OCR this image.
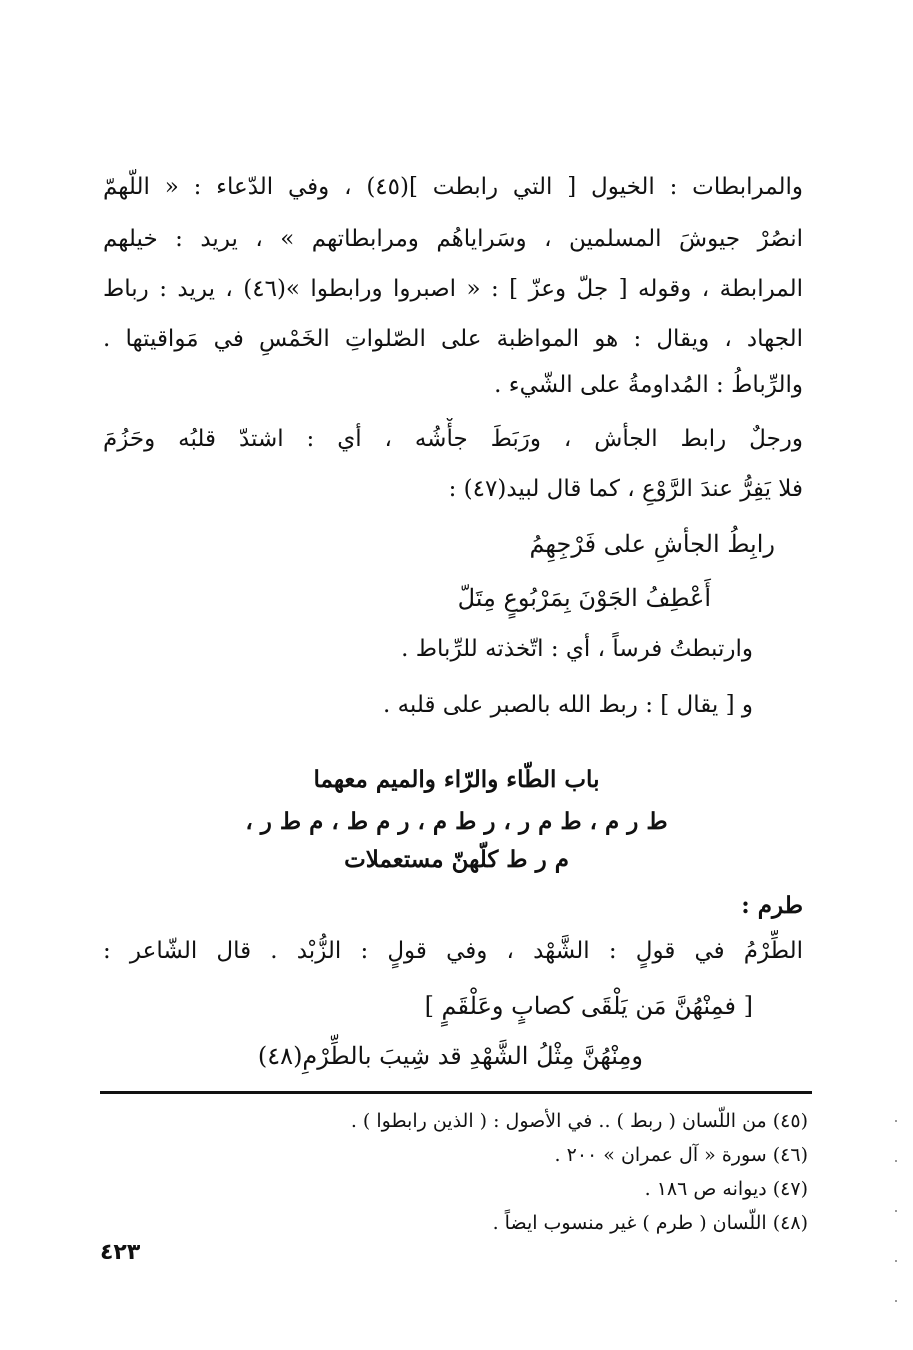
والمرابطات : الخيول [ التي رابطت ](٤٥) ، وفي الدّعاء : « اللّهمّ
انصُرْ جيوشَ المسلمين ، وسَراياهُم ومرابطاتهم » ، يريد : خيلهم
المرابطة ، وقوله [ جلّ وعزّ ] : « اصبروا ورابطوا »(٤٦) ، يريد : رباط
الجهاد ، ويقال : هو المواظبة على الصّلواتِ الخَمْسِ في مَواقيتها .
والرِّباطُ : المُداومةُ على الشّيء .
ورجلٌ رابط الجأش ، ورَبَطَ جأْشُه ، أي : اشتدّ قلبُه وحَزُمَ
فلا يَفِرُّ عندَ الرَّوْعِ ، كما قال لبيد(٤٧) :
رابِطُ الجأشِ على فَرْجِهِمُ
أَعْطِفُ الجَوْنَ بِمَرْبُوعٍ مِتَلّ
وارتبطتُ فرساً ، أي : اتّخذته للرِّباط .
و [ يقال ] : ربط الله بالصبر على قلبه .
باب الطّاء والرّاء والميم معهما
ط ر م ، ط م ر ، ر ط م ، ر م ط ، م ط ر ،
م ر ط كلّهنّ مستعملات
طرم :
الطِّرْمُ في قولٍ : الشَّهْد ، وفي قولٍ : الزُّبْد . قال الشّاعر :
[ فمِنْهُنَّ مَن يَلْقَى كصابٍ وعَلْقَمٍ ]
ومِنْهُنَّ مِثْلُ الشَّهْدِ قد شِيبَ بالطِّرْمِ(٤٨)
(٤٥) من اللّسان ( ربط ) .. في الأصول : ( الذين رابطوا ) .
(٤٦) سورة « آل عمران » ٢٠٠ .
(٤٧) ديوانه ص ١٨٦ .
(٤٨) اللّسان ( طرم ) غير منسوب ايضاً .
٤٢٣
